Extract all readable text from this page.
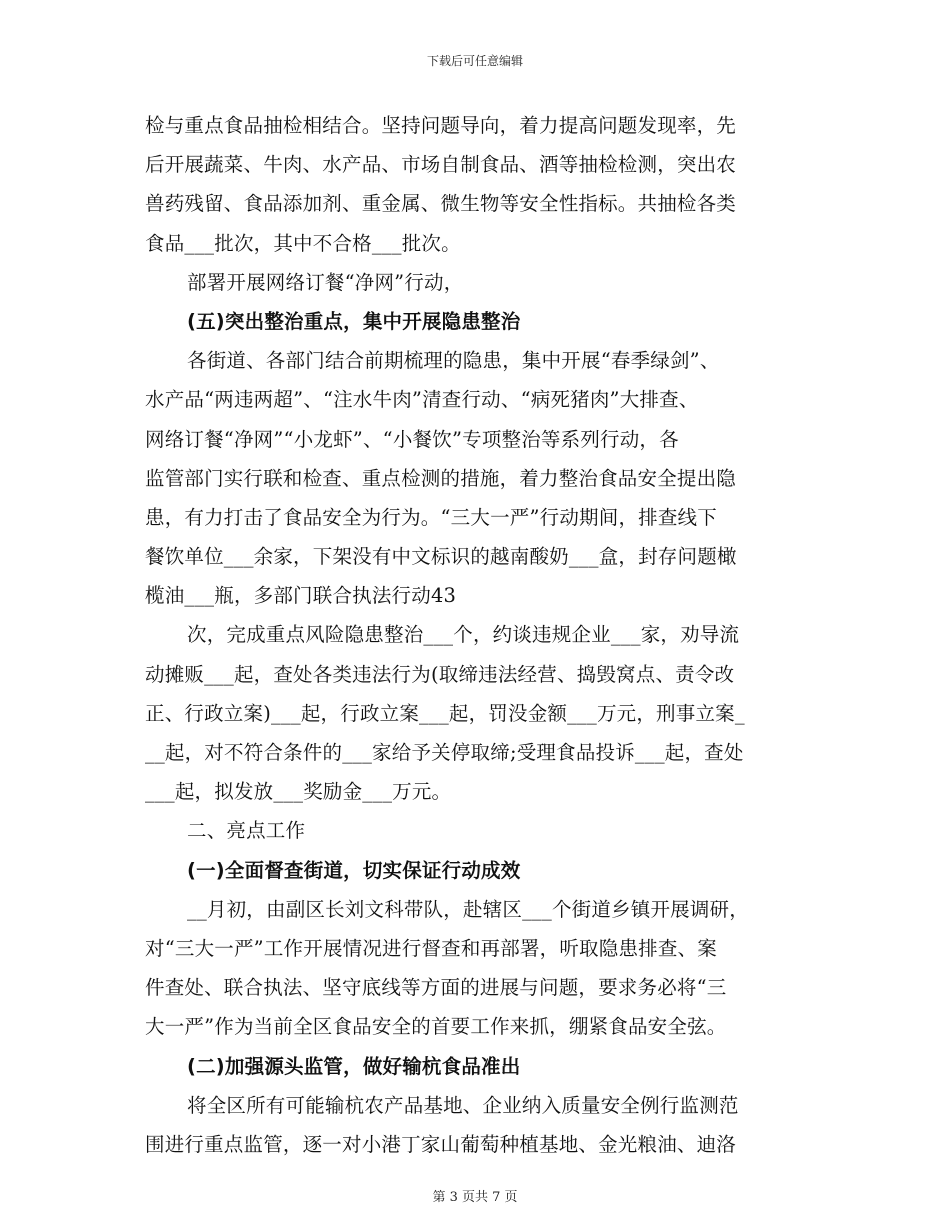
下载后可任意编辑
检与重点食品抽检相结合。坚持问题导向，着力提高问题发现率，先
后开展蔬菜、牛肉、水产品、市场自制食品、酒等抽检检测，突出农
兽药残留、食品添加剂、重金属、微生物等安全性指标。共抽检各类
食品___批次，其中不合格___批次。
部署开展网络订餐“净网”行动，
(五)突出整治重点，集中开展隐患整治
各街道、各部门结合前期梳理的隐患，集中开展“春季绿剑”、
水产品“两违两超”、“注水牛肉”清查行动、“病死猪肉”大排查、
网络订餐“净网”“小龙虾”、“小餐饮”专项整治等系列行动，各
监管部门实行联和检查、重点检测的措施，着力整治食品安全提出隐
患，有力打击了食品安全为行为。“三大一严”行动期间，排查线下
餐饮单位___余家，下架没有中文标识的越南酸奶___盒，封存问题橄
榄油___瓶，多部门联合执法行动43
次，完成重点风险隐患整治___个，约谈违规企业___家，劝导流
动摊贩___起，查处各类违法行为(取缔违法经营、捣毁窝点、责令改
正、行政立案)___起，行政立案___起，罚没金额___万元，刑事立案_
__起，对不符合条件的___家给予关停取缔;受理食品投诉___起，查处
___起，拟发放___奖励金___万元。
二、亮点工作
(一)全面督查街道，切实保证行动成效
__月初，由副区长刘文科带队，赴辖区___个街道乡镇开展调研，
对“三大一严”工作开展情况进行督查和再部署，听取隐患排查、案
件查处、联合执法、坚守底线等方面的进展与问题，要求务必将“三
大一严”作为当前全区食品安全的首要工作来抓，绷紧食品安全弦。
(二)加强源头监管，做好输杭食品准出
将全区所有可能输杭农产品基地、企业纳入质量安全例行监测范
围进行重点监管，逐一对小港丁家山葡萄种植基地、金光粮油、迪洛
第 3 页共 7 页
